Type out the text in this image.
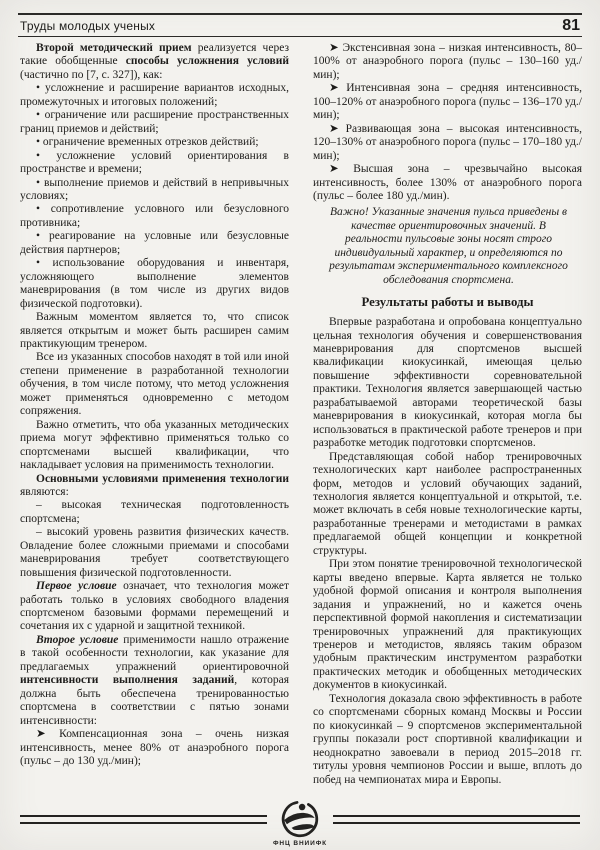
Труды молодых ученых	81

Второй методический прием реализуется через такие обобщенные способы усложнения условий (частично по [7, с. 327]), как:

• усложнение и расширение вариантов исходных, промежуточных и итоговых положений;

• ограничение или расширение пространственных границ приемов и действий;

• ограничение временных отрезков действий;

• усложнение условий ориентирования в пространстве и времени;

• выполнение приемов и действий в непривычных условиях;

• сопротивление условного или безусловного противника;

• реагирование на условные или безусловные действия партнеров;

• использование оборудования и инвентаря, усложняющего выполнение элементов маневрирования (в том числе из других видов физической подготовки).

Важным моментом является то, что список является открытым и может быть расширен самим практикующим тренером.

Все из указанных способов находят в той или иной степени применение в разработанной технологии обучения, в том числе потому, что метод усложнения может применяться одновременно с методом сопряжения.

Важно отметить, что оба указанных методических приема могут эффективно применяться только со спортсменами высшей квалификации, что накладывает условия на применимость технологии.

Основными условиями применения технологии являются:

– высокая техническая подготовленность спортсмена;

– высокий уровень развития физических качеств. Овладение более сложными приемами и способами маневрирования требует соответствующего повышения физической подготовленности.

Первое условие означает, что технология может работать только в условиях свободного владения спортсменом базовыми формами перемещений и сочетания их с ударной и защитной техникой.

Второе условие применимости нашло отражение в такой особенности технологии, как указание для предлагаемых упражнений ориентировочной интенсивности выполнения заданий, которая должна быть обеспечена тренированностью спортсмена в соответствии с пятью зонами интенсивности:

➤ Компенсационная зона – очень низкая интенсивность, менее 80% от анаэробного порога (пульс – до 130 уд./мин);

➤ Экстенсивная зона – низкая интенсивность, 80–100% от анаэробного порога (пульс – 130–160 уд./мин);

➤ Интенсивная зона – средняя интенсивность, 100–120% от анаэробного порога (пульс – 136–170 уд./мин);

➤ Развивающая зона – высокая интенсивность, 120–130% от анаэробного порога (пульс – 170–180 уд./мин);

➤ Высшая зона – чрезвычайно высокая интенсивность, более 130% от анаэробного порога (пульс – более 180 уд./мин).

Важно! Указанные значения пульса приведены в качестве ориентировочных значений. В реальности пульсовые зоны носят строго индивидуальный характер, и определяются по результатам экспериментального комплексного обследования спортсмена.

Результаты работы и выводы

Впервые разработана и опробована концептуально цельная технология обучения и совершенствования маневрирования для спортсменов высшей квалификации киокусинкай, имеющая целью повышение эффективности соревновательной практики. Технология является завершающей частью разрабатываемой авторами теоретической базы маневрирования в киокусинкай, которая могла бы использоваться в практической работе тренеров и при разработке методик подготовки спортсменов.

Представляющая собой набор тренировочных технологических карт наиболее распространенных форм, методов и условий обучающих заданий, технология является концептуальной и открытой, т.е. может включать в себя новые технологические карты, разработанные тренерами и методистами в рамках предлагаемой общей концепции и конкретной структуры.

При этом понятие тренировочной технологической карты введено впервые. Карта является не только удобной формой описания и контроля выполнения задания и упражнений, но и кажется очень перспективной формой накопления и систематизации тренировочных упражнений для практикующих тренеров и методистов, являясь таким образом удобным практическим инструментом разработки практических методик и обобщенных методических документов в киокусинкай.

Технология доказала свою эффективность в работе со спортсменами сборных команд Москвы и России по киокусинкай – 9 спортсменов экспериментальной группы показали рост спортивной квалификации и неоднократно завоевали в период 2015–2018 гг. титулы уровня чемпионов России и выше, вплоть до побед на чемпионатах мира и Европы.

ФНЦ ВНИИФК
